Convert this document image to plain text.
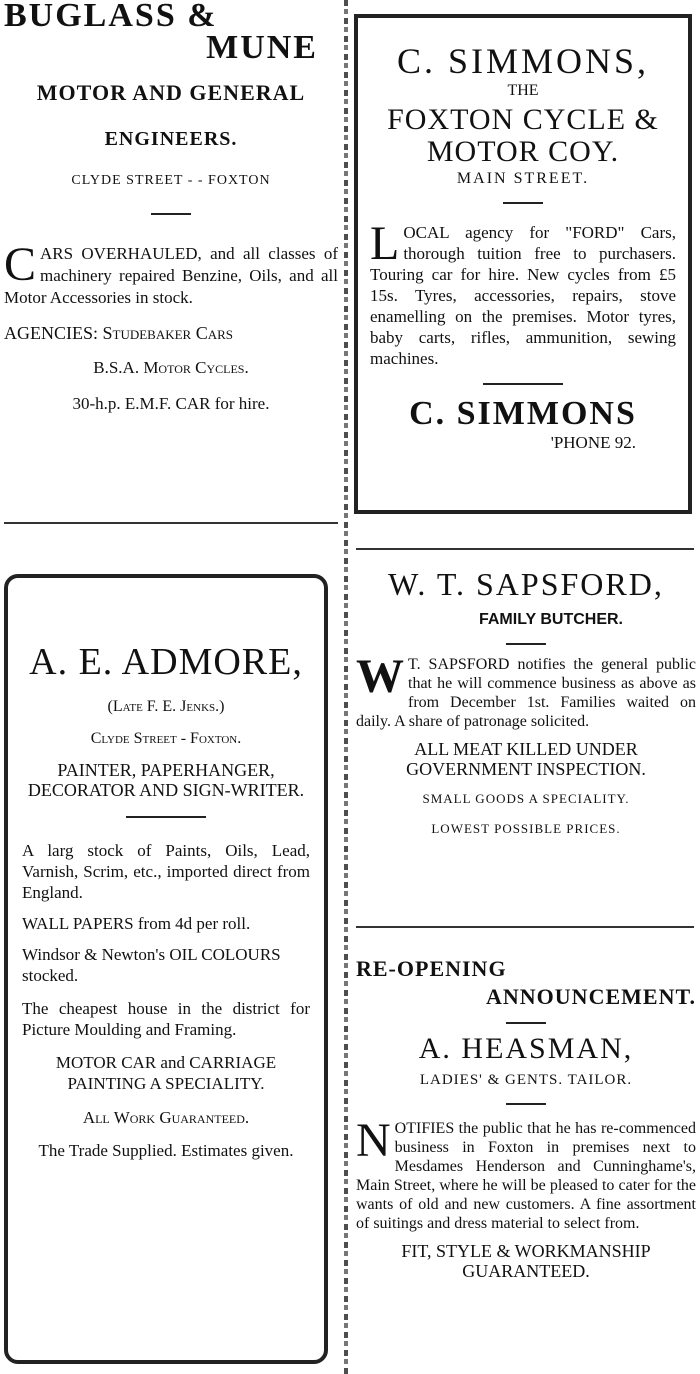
BUGLASS &
MUNE
MOTOR AND GENERAL
ENGINEERS.
CLYDE STREET - - FOXTON
C ARS OVERHAULED, and all classes of machinery repaired Benzine, Oils, and all Motor Accessories in stock.
AGENCIES: Studebaker Cars
B.S.A. Motor Cycles.
30-h.p. E.M.F. CAR for hire.
A. E. ADMORE,
(Late F. E. Jenks.)
Clyde Street - Foxton.
PAINTER, PAPERHANGER, DECORATOR AND SIGN-WRITER.

A larg stock of Paints, Oils, Lead, Varnish, Scrim, etc., imported direct from England.

WALL PAPERS from 4d per roll.

Windsor & Newton's OIL COLOURS stocked.

The cheapest house in the district for Picture Moulding and Framing.

MOTOR CAR and CARRIAGE PAINTING A SPECIALITY.

All Work Guaranteed.

The Trade Supplied. Estimates given.

C. SIMMONS,
THE
FOXTON CYCLE &
MOTOR COY.
MAIN STREET.
L OCAL agency for "FORD" Cars, thorough tuition free to purchasers. Touring car for hire. New cycles from £5 15s. Tyres, accessories, repairs, stove enamelling on the premises. Motor tyres, baby carts, rifles, ammunition, sewing machines.
C. SIMMONS
'PHONE 92.
W. T. SAPSFORD,
FAMILY BUTCHER.
W T. SAPSFORD notifies the general public that he will commence business as above as from December 1st. Families waited on daily. A share of patronage solicited.
ALL MEAT KILLED UNDER GOVERNMENT INSPECTION.
SMALL GOODS A SPECIALITY.
LOWEST POSSIBLE PRICES.
RE-OPENING
ANNOUNCEMENT.
A. HEASMAN,
LADIES' & GENTS. TAILOR.
N OTIFIES the public that he has re-commenced business in Foxton in premises next to Mesdames Henderson and Cunninghame's, Main Street, where he will be pleased to cater for the wants of old and new customers. A fine assortment of suitings and dress material to select from.
FIT, STYLE & WORKMANSHIP GUARANTEED.
